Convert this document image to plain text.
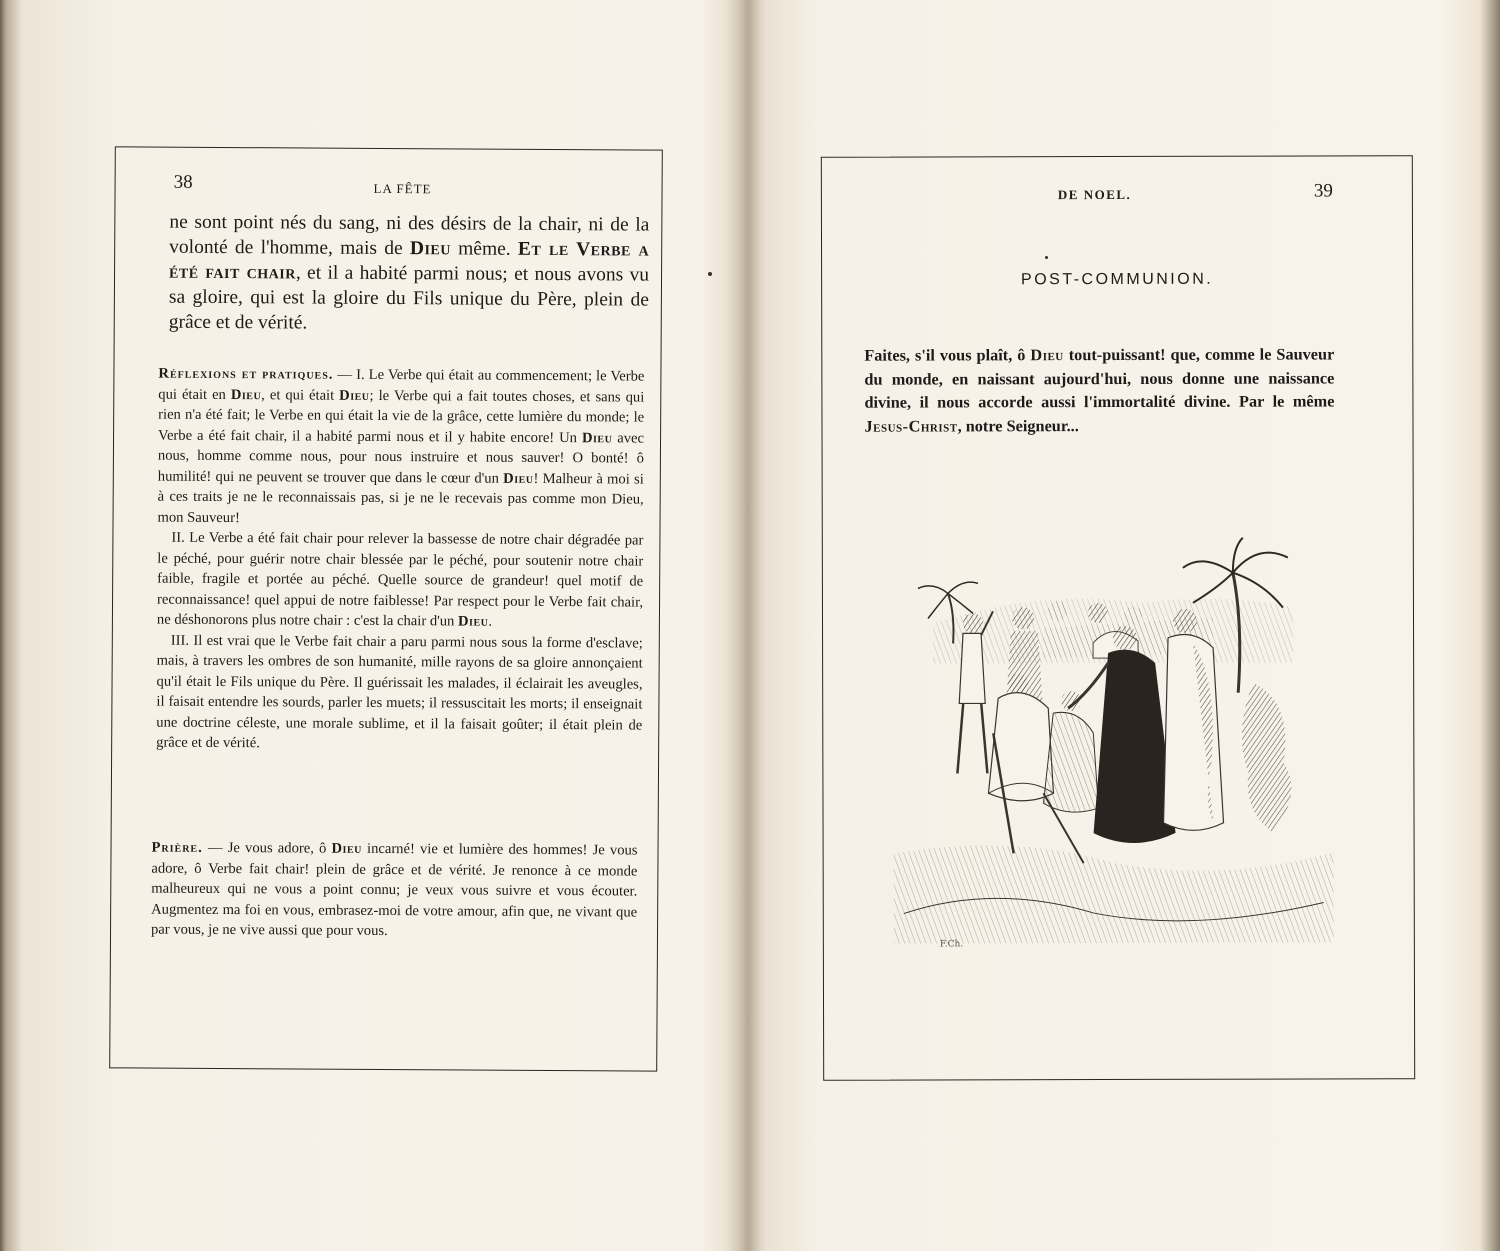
38	LA FÊTE
ne sont point nés du sang, ni des désirs de la chair, ni de la volonté de l'homme, mais de Dieu même. Et le Verbe a été fait chair, et il a habité parmi nous; et nous avons vu sa gloire, qui est la gloire du Fils unique du Père, plein de grâce et de vérité.

Réflexions et pratiques. — I. Le Verbe qui était au commencement; le Verbe qui était en Dieu, et qui était Dieu; le Verbe qui a fait toutes choses, et sans qui rien n'a été fait; le Verbe en qui était la vie de la grâce, cette lumière du monde; le Verbe a été fait chair, il a habité parmi nous et il y habite encore! Un Dieu avec nous, homme comme nous, pour nous instruire et nous sauver! O bonté! ô humilité! qui ne peuvent se trouver que dans le cœur d'un Dieu! Malheur à moi si à ces traits je ne le reconnaissais pas, si je ne le recevais pas comme mon Dieu, mon Sauveur!

II. Le Verbe a été fait chair pour relever la bassesse de notre chair dégradée par le péché, pour guérir notre chair blessée par le péché, pour soutenir notre chair faible, fragile et portée au péché. Quelle source de grandeur! quel motif de reconnaissance! quel appui de notre faiblesse! Par respect pour le Verbe fait chair, ne déshonorons plus notre chair : c'est la chair d'un Dieu.

III. Il est vrai que le Verbe fait chair a paru parmi nous sous la forme d'esclave; mais, à travers les ombres de son humanité, mille rayons de sa gloire annonçaient qu'il était le Fils unique du Père. Il guérissait les malades, il éclairait les aveugles, il faisait entendre les sourds, parler les muets; il ressuscitait les morts; il enseignait une doctrine céleste, une morale sublime, et il la faisait goûter; il était plein de grâce et de vérité.

Prière. — Je vous adore, ô Dieu incarné! vie et lumière des hommes! Je vous adore, ô Verbe fait chair! plein de grâce et de vérité. Je renonce à ce monde malheureux qui ne vous a point connu; je veux vous suivre et vous écouter. Augmentez ma foi en vous, embrasez-moi de votre amour, afin que, ne vivant que par vous, je ne vive aussi que pour vous.
DE NOEL.	39
POST-COMMUNION.
Faites, s'il vous plaît, ô Dieu tout-puissant! que, comme le Sauveur du monde, en naissant aujourd'hui, nous donne une naissance divine, il nous accorde aussi l'immortalité divine. Par le même Jesus-Christ, notre Seigneur...
F.Ch.
